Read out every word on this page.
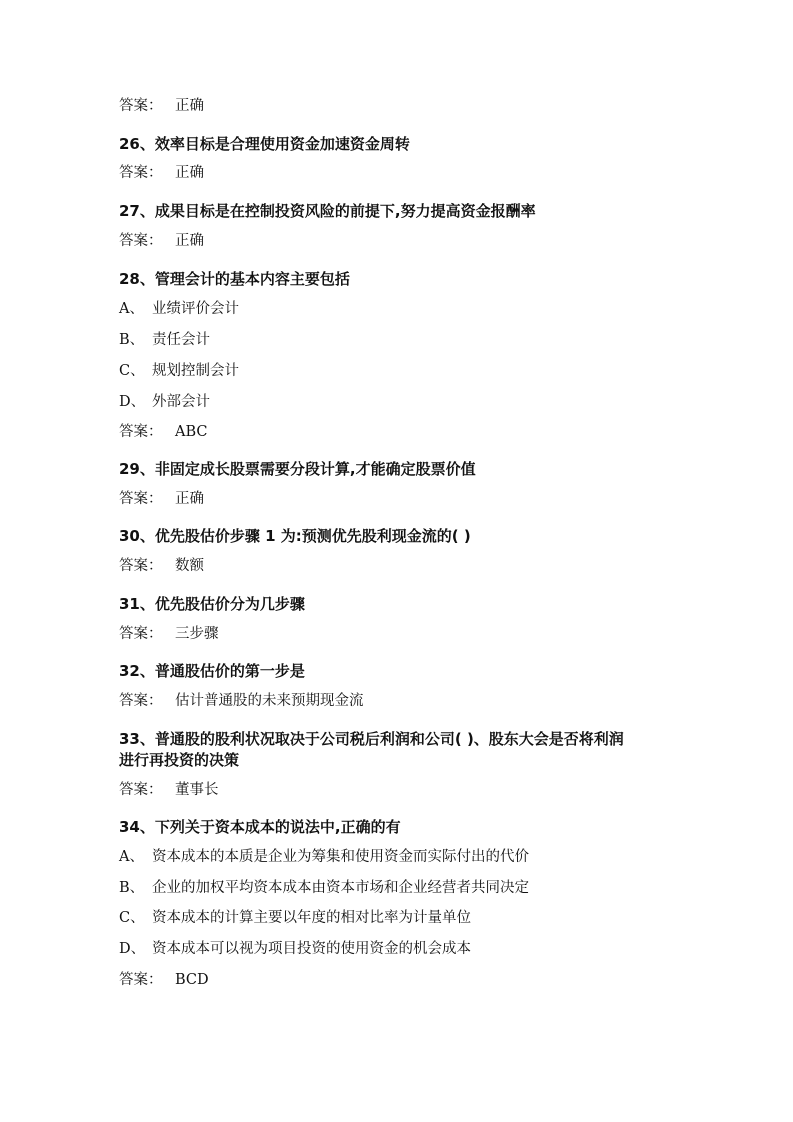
答案： 正确
26、效率目标是合理使用资金加速资金周转
答案： 正确
27、成果目标是在控制投资风险的前提下,努力提高资金报酬率
答案： 正确
28、管理会计的基本内容主要包括
A、 业绩评价会计
B、 责任会计
C、 规划控制会计
D、 外部会计
答案： ABC
29、非固定成长股票需要分段计算,才能确定股票价值
答案： 正确
30、优先股估价步骤 1 为:预测优先股利现金流的( )
答案： 数额
31、优先股估价分为几步骤
答案： 三步骤
32、普通股估价的第一步是
答案： 估计普通股的未来预期现金流
33、普通股的股利状况取决于公司税后利润和公司( )、股东大会是否将利润
进行再投资的决策
答案： 董事长
34、下列关于资本成本的说法中,正确的有
A、 资本成本的本质是企业为筹集和使用资金而实际付出的代价
B、 企业的加权平均资本成本由资本市场和企业经营者共同决定
C、 资本成本的计算主要以年度的相对比率为计量单位
D、 资本成本可以视为项目投资的使用资金的机会成本
答案： BCD
